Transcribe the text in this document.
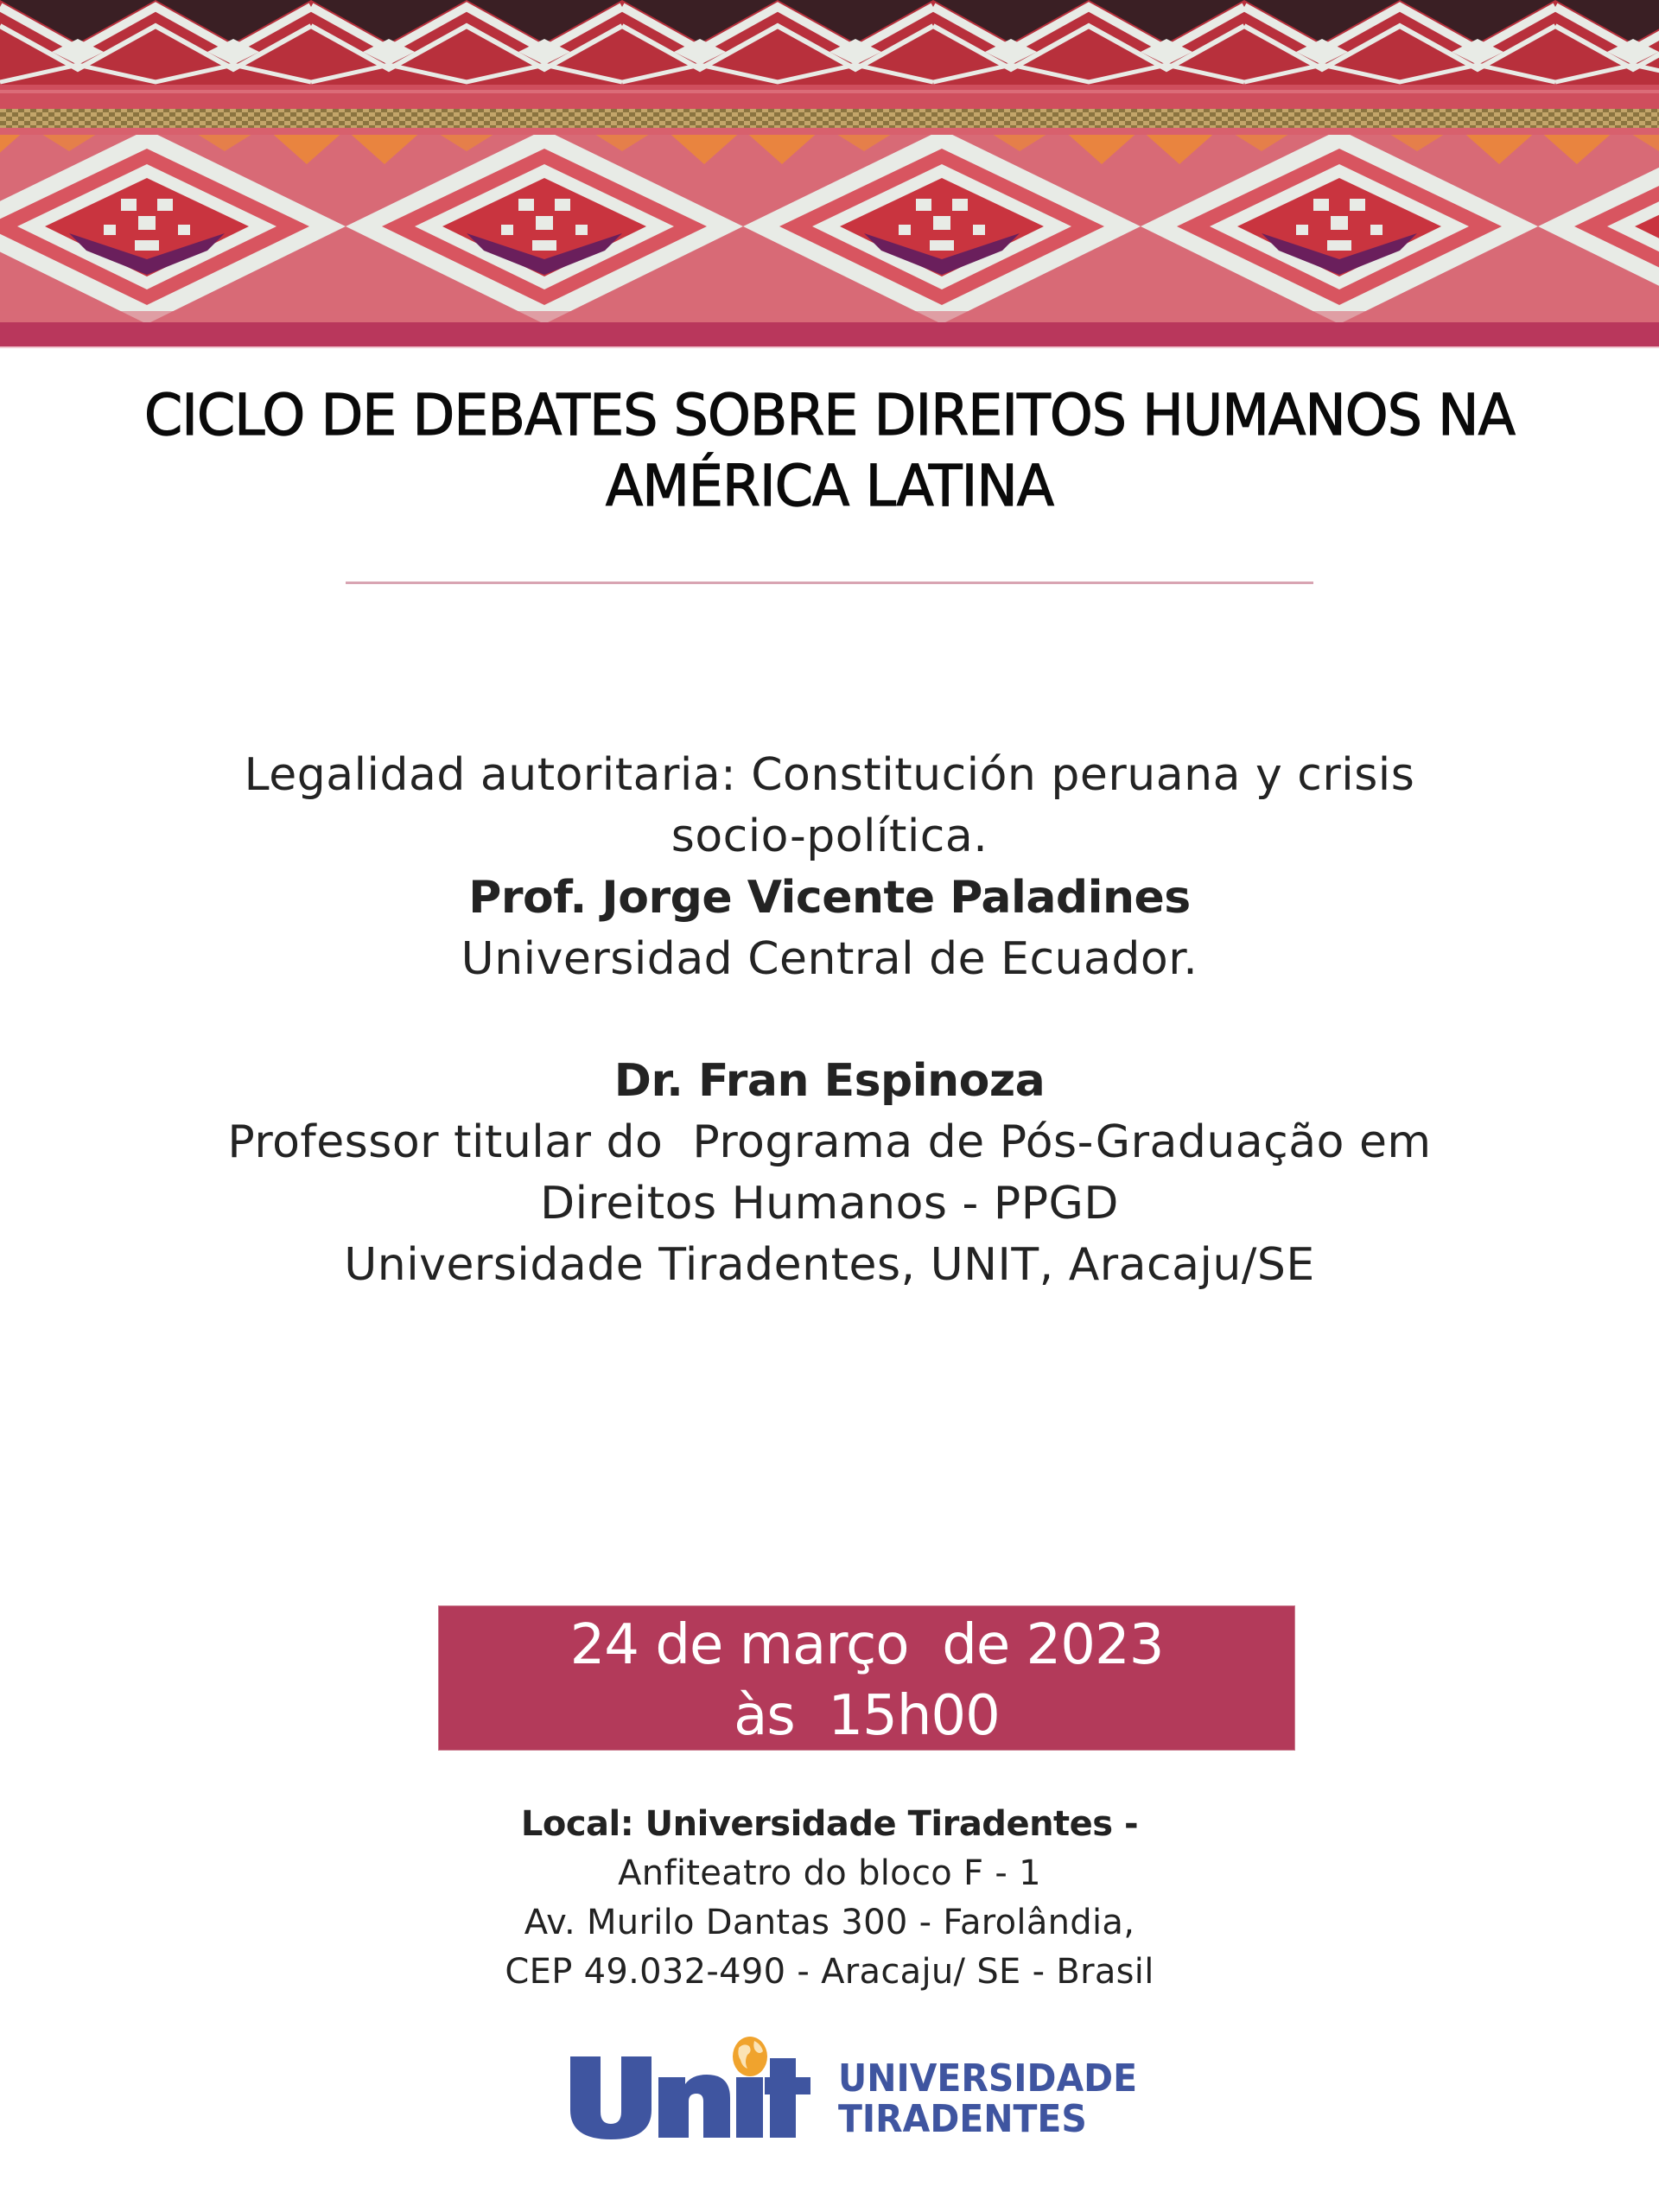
CICLO DE DEBATES SOBRE DIREITOS HUMANOS NA
AMÉRICA LATINA
Legalidad autoritaria: Constitución peruana y crisis
socio-política.
Prof. Jorge Vicente Paladines
Universidad Central de Ecuador.
Dr. Fran Espinoza
Professor titular do  Programa de Pós-Graduação em
Direitos Humanos - PPGD
Universidade Tiradentes, UNIT, Aracaju/SE
24 de março  de 2023
às  15h00
Local: Universidade Tiradentes -
Anfiteatro do bloco F - 1
Av. Murilo Dantas 300 - Farolândia,
CEP 49.032-490 - Aracaju/ SE - Brasil
UNIVERSIDADE
TIRADENTES
